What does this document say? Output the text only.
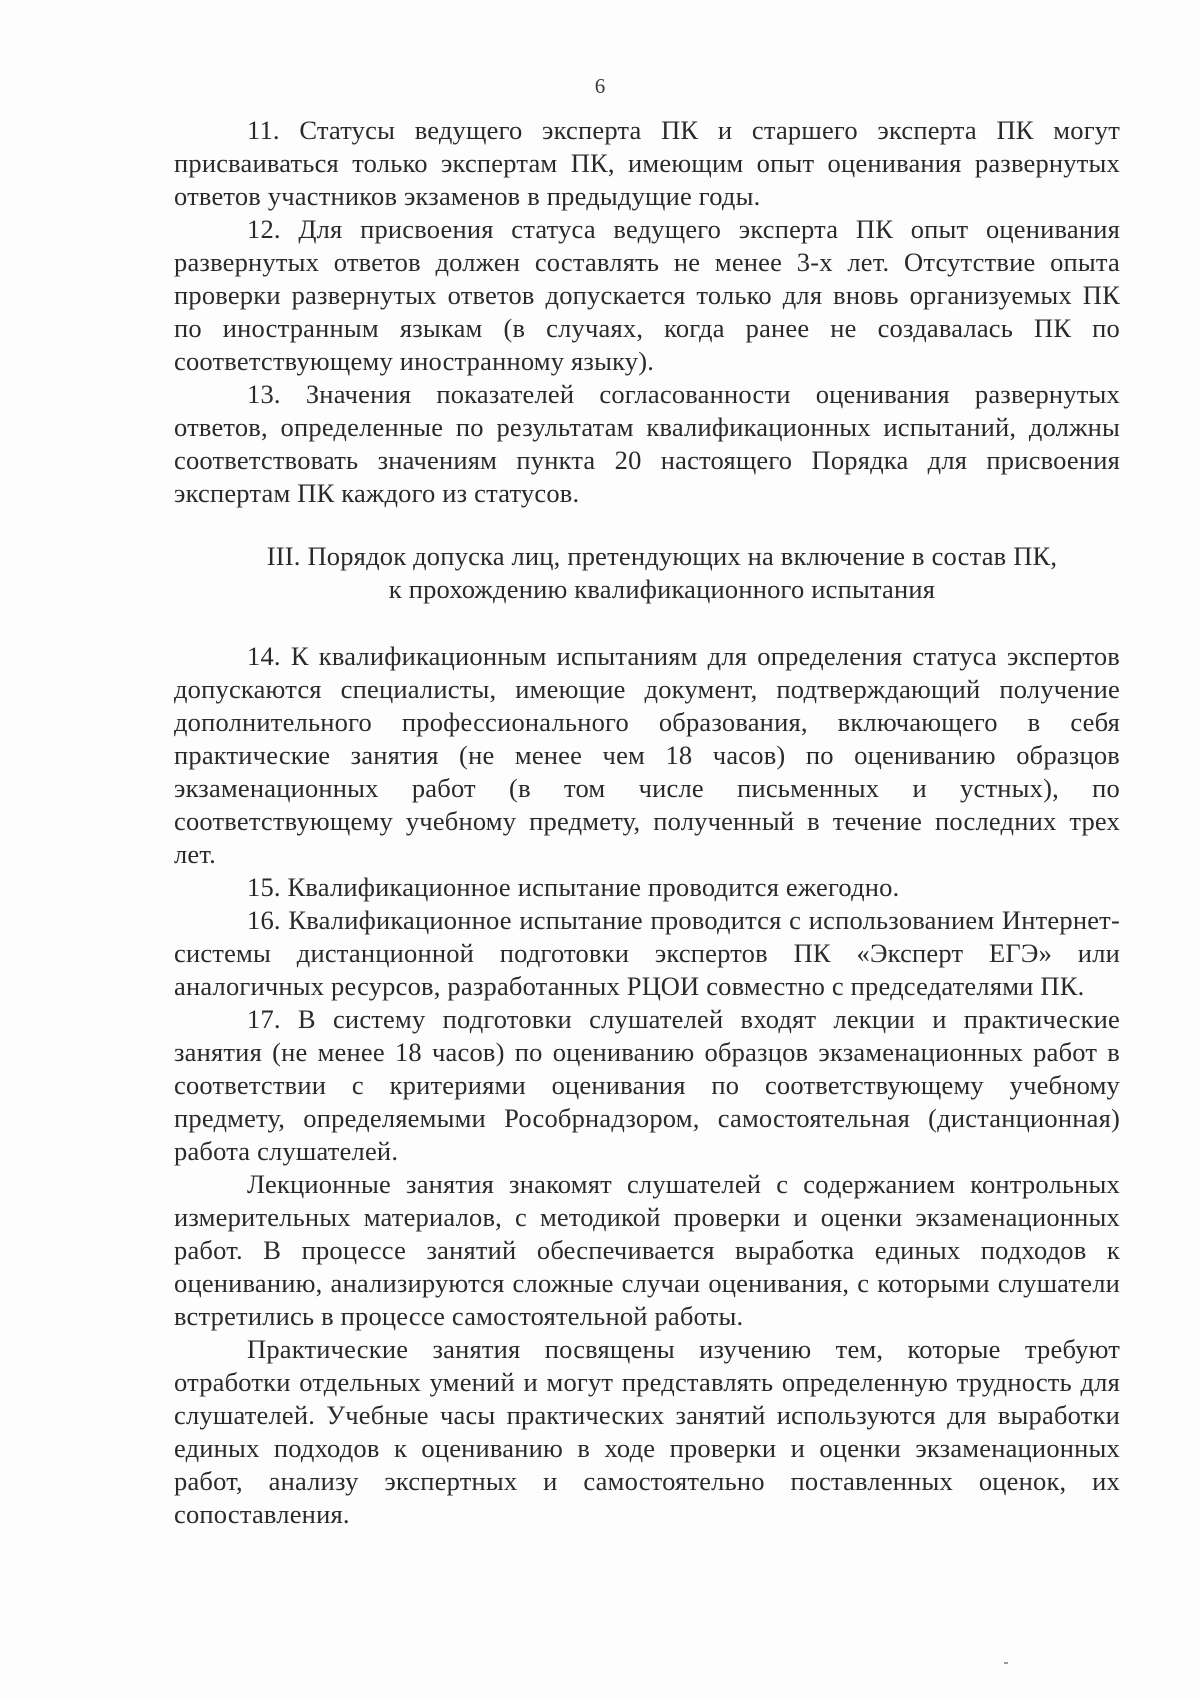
6

11. Статусы ведущего эксперта ПК и старшего эксперта ПК могут присваиваться только экспертам ПК, имеющим опыт оценивания развернутых ответов участников экзаменов в предыдущие годы.

12. Для присвоения статуса ведущего эксперта ПК опыт оценивания развернутых ответов должен составлять не менее 3-х лет. Отсутствие опыта проверки развернутых ответов допускается только для вновь организуемых ПК по иностранным языкам (в случаях, когда ранее не создавалась ПК по соответствующему иностранному языку).

13. Значения показателей согласованности оценивания развернутых ответов, определенные по результатам квалификационных испытаний, должны соответствовать значениям пункта 20 настоящего Порядка для присвоения экспертам ПК каждого из статусов.

III. Порядок допуска лиц, претендующих на включение в состав ПК,
к прохождению квалификационного испытания

14. К квалификационным испытаниям для определения статуса экспертов допускаются специалисты, имеющие документ, подтверждающий получение дополнительного профессионального образования, включающего в себя практические занятия (не менее чем 18 часов) по оцениванию образцов экзаменационных работ (в том числе письменных и устных), по соответствующему учебному предмету, полученный в течение последних трех лет.

15. Квалификационное испытание проводится ежегодно.

16. Квалификационное испытание проводится с использованием Интернет-системы дистанционной подготовки экспертов ПК «Эксперт ЕГЭ» или аналогичных ресурсов, разработанных РЦОИ совместно с председателями ПК.

17. В систему подготовки слушателей входят лекции и практические занятия (не менее 18 часов) по оцениванию образцов экзаменационных работ в соответствии с критериями оценивания по соответствующему учебному предмету, определяемыми Рособрнадзором, самостоятельная (дистанционная) работа слушателей.

Лекционные занятия знакомят слушателей с содержанием контрольных измерительных материалов, с методикой проверки и оценки экзаменационных работ. В процессе занятий обеспечивается выработка единых подходов к оцениванию, анализируются сложные случаи оценивания, с которыми слушатели встретились в процессе самостоятельной работы.

Практические занятия посвящены изучению тем, которые требуют отработки отдельных умений и могут представлять определенную трудность для слушателей. Учебные часы практических занятий используются для выработки единых подходов к оцениванию в ходе проверки и оценки экзаменационных работ, анализу экспертных и самостоятельно поставленных оценок, их сопоставления.
